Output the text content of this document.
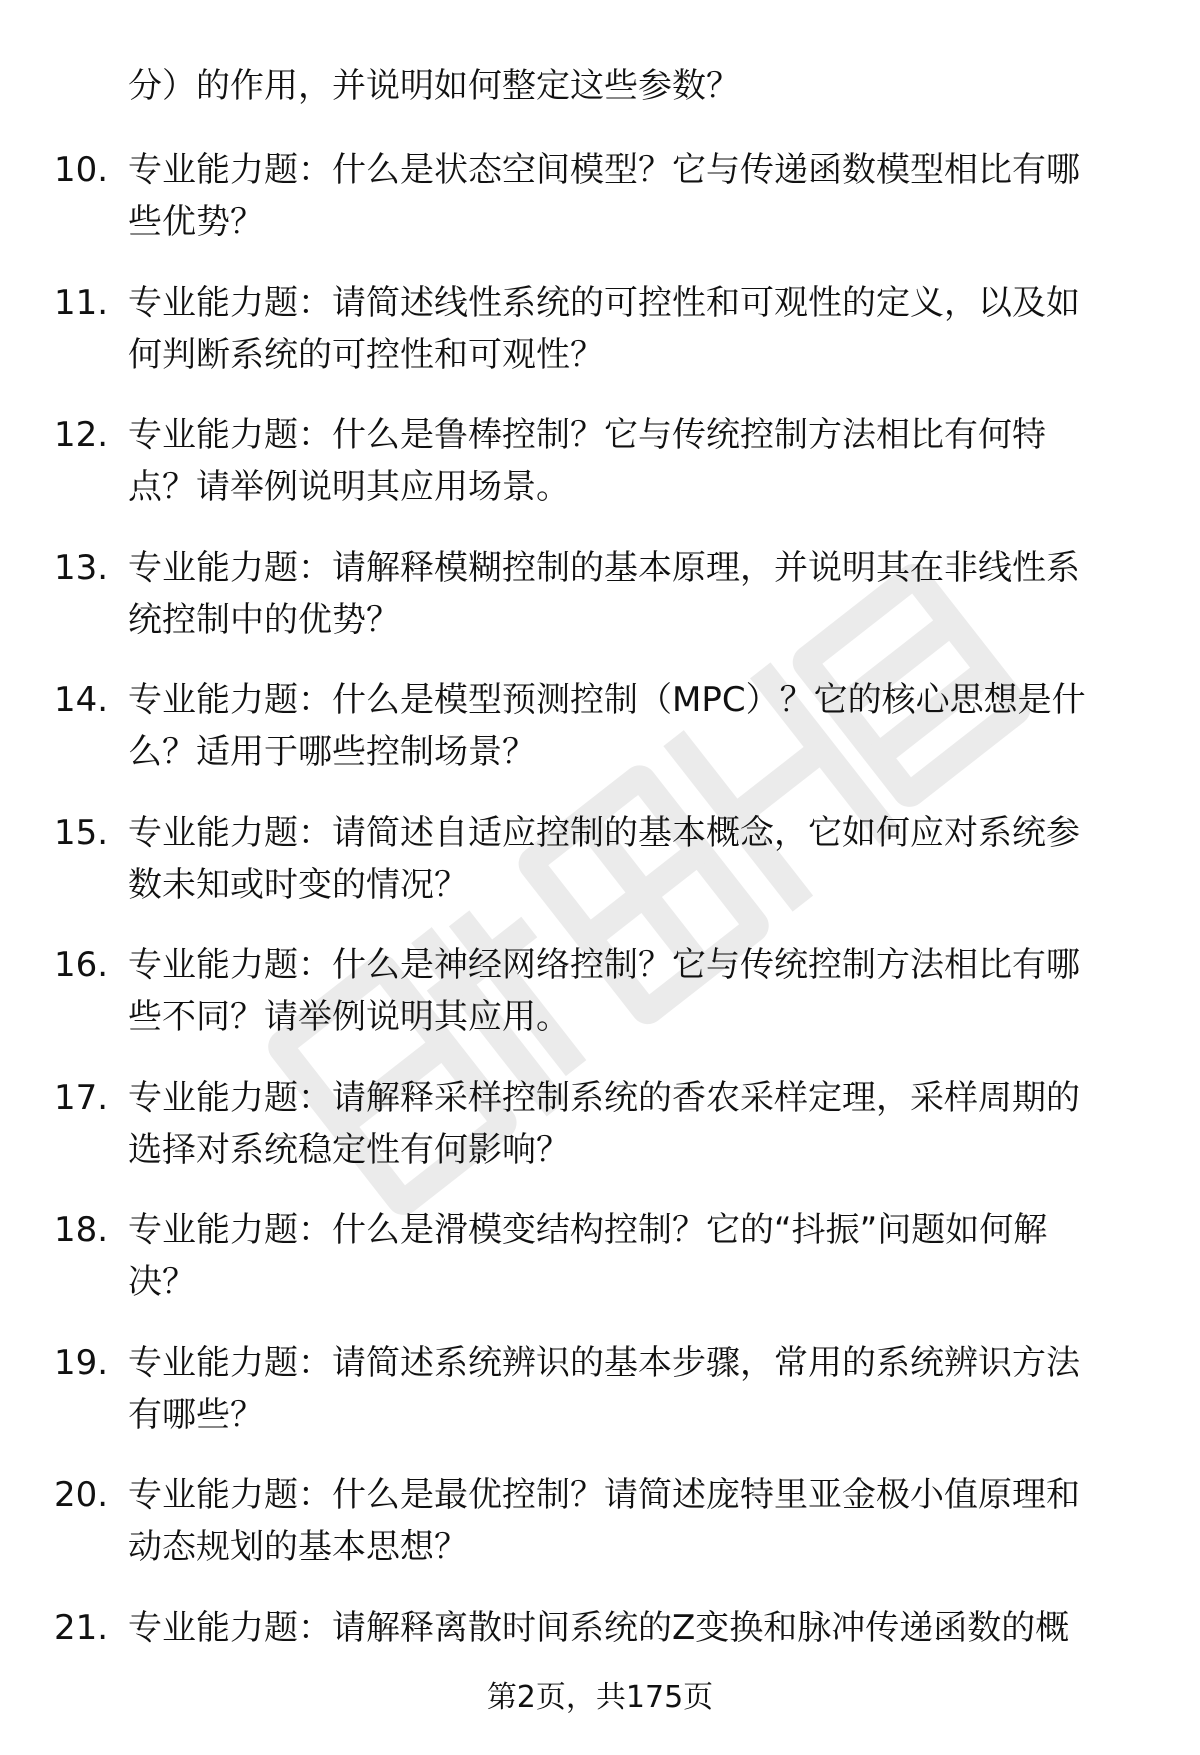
分）的作用，并说明如何整定这些参数？
10. 专业能力题：什么是状态空间模型？它与传递函数模型相比有哪
些优势？
11. 专业能力题：请简述线性系统的可控性和可观性的定义，以及如
何判断系统的可控性和可观性？
12. 专业能力题：什么是鲁棒控制？它与传统控制方法相比有何特
点？请举例说明其应用场景。
13. 专业能力题：请解释模糊控制的基本原理，并说明其在非线性系
统控制中的优势？
14. 专业能力题：什么是模型预测控制（MPC）？它的核心思想是什
么？适用于哪些控制场景？
15. 专业能力题：请简述自适应控制的基本概念，它如何应对系统参
数未知或时变的情况？
16. 专业能力题：什么是神经网络控制？它与传统控制方法相比有哪
些不同？请举例说明其应用。
17. 专业能力题：请解释采样控制系统的香农采样定理，采样周期的
选择对系统稳定性有何影响？
18. 专业能力题：什么是滑模变结构控制？它的“抖振”问题如何解
决？
19. 专业能力题：请简述系统辨识的基本步骤，常用的系统辨识方法
有哪些？
20. 专业能力题：什么是最优控制？请简述庞特里亚金极小值原理和
动态规划的基本思想？
21. 专业能力题：请解释离散时间系统的Z变换和脉冲传递函数的概
第2页，共175页
